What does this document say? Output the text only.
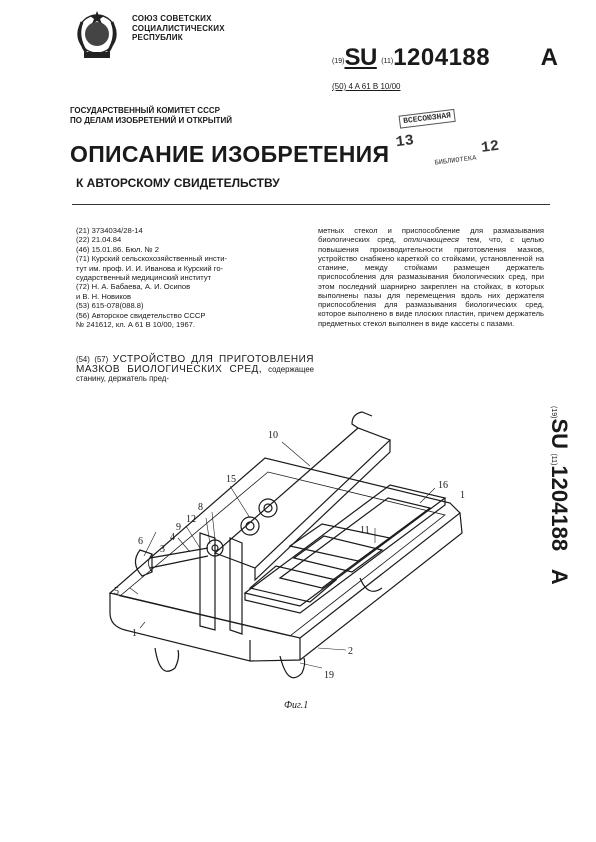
СОЮЗ СОВЕТСКИХ
СОЦИАЛИСТИЧЕСКИХ
РЕСПУБЛИК
(19)SU (11)1204188 A
(50) 4 A 61 B 10/00
ГОСУДАРСТВЕННЫЙ КОМИТЕТ СССР
ПО ДЕЛАМ ИЗОБРЕТЕНИЙ И ОТКРЫТИЙ	ВСЕСОЮЗНАЯ
13	12
БИБЛИОТЕКА
ОПИСАНИЕ ИЗОБРЕТЕНИЯ
К АВТОРСКОМУ СВИДЕТЕЛЬСТВУ
(21) 3734034/28-14
(22) 21.04.84
(46) 15.01.86. Бюл. № 2
(71) Курский сельскохозяйственный инсти-
тут им. проф. И. И. Иванова и Курский го-
сударственный медицинский институт
(72) Н. А. Бабаева, А. И. Осипов
и В. Н. Новиков
(53) 615-078(088.8)
(56) Авторское свидетельство СССР
№ 241612, кл. А 61 В 10/00, 1967.
(54) (57) УСТРОЙСТВО ДЛЯ ПРИГОТОВЛЕНИЯ МАЗКОВ БИОЛОГИЧЕСКИХ СРЕД, содержащее станину, держатель пред-
метных стекол и приспособление для размазывания биологических сред, отличающееся тем, что, с целью повышения производительности приготовления мазков, устройство снабжено кареткой со стойками, установленной на станине, между стойками размещен держатель приспособления для размазывания биологических сред, при этом последний шарнирно закреплен на стойках, в которых выполнены пазы для перемещения вдоль них держателя приспособления для размазывания биологических сред, которое выполнено в виде плоских пластин, причем держатель предметных стекол выполнен в виде кассеты с пазами.
(19)SU (11)1204188    A
10
15
16
1
11
8
12
9
4
3
6
5
1
2
19
Фиг.1
